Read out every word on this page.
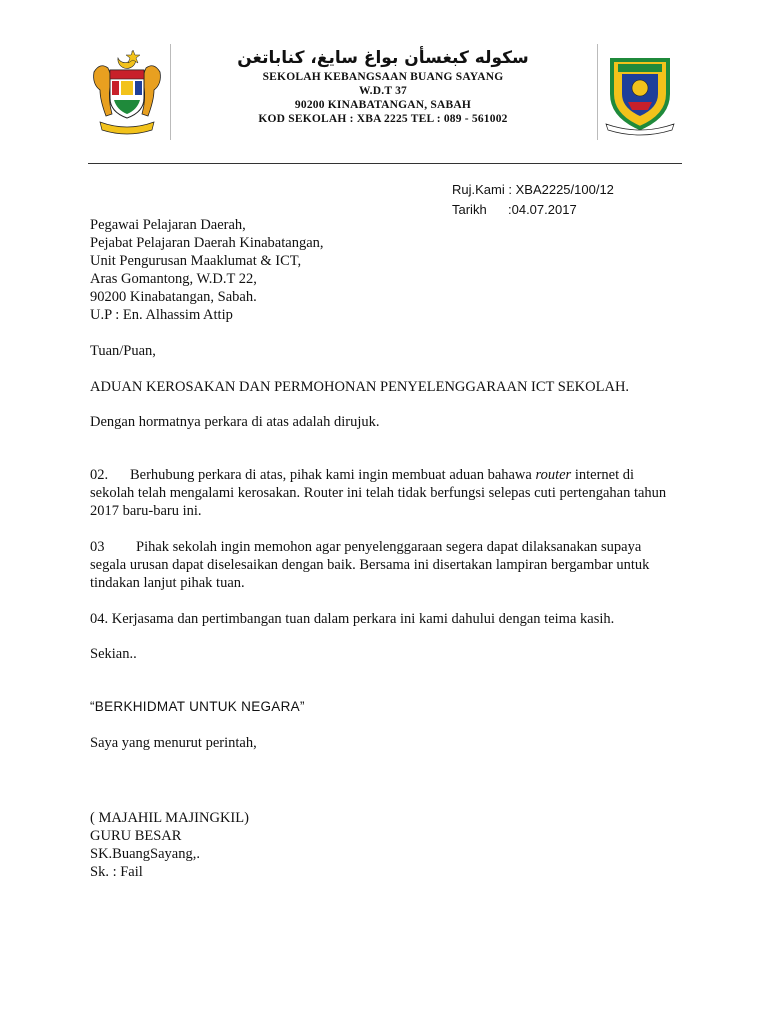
سكوله كبغسأن بواغ سايغ، كناباتغن
SEKOLAH KEBANGSAAN BUANG SAYANG
W.D.T 37
90200 KINABATANGAN, SABAH
KOD SEKOLAH : XBA 2225 TEL : 089 - 561002
Ruj.Kami : XBA2225/100/12
Tarikh :04.07.2017
Pegawai Pelajaran Daerah,
Pejabat Pelajaran Daerah Kinabatangan,
Unit Pengurusan Maaklumat & ICT,
Aras Gomantong, W.D.T 22,
90200 Kinabatangan, Sabah.
U.P : En. Alhassim Attip
Tuan/Puan,
ADUAN KEROSAKAN DAN PERMOHONAN PENYELENGGARAAN ICT SEKOLAH.
Dengan hormatnya perkara di atas adalah dirujuk.
02. Berhubung perkara di atas, pihak kami ingin membuat aduan bahawa router internet di sekolah telah mengalami kerosakan. Router ini telah tidak berfungsi selepas cuti pertengahan tahun 2017 baru-baru ini.
03 Pihak sekolah ingin memohon agar penyelenggaraan segera dapat dilaksanakan supaya segala urusan dapat diselesaikan dengan baik. Bersama ini disertakan lampiran bergambar untuk tindakan lanjut pihak tuan.
04. Kerjasama dan pertimbangan tuan dalam perkara ini kami dahului dengan teima kasih.
Sekian..
“BERKHIDMAT UNTUK NEGARA”
Saya yang menurut perintah,
( MAJAHIL MAJINGKIL)
GURU BESAR
SK.BuangSayang,.
Sk. : Fail
